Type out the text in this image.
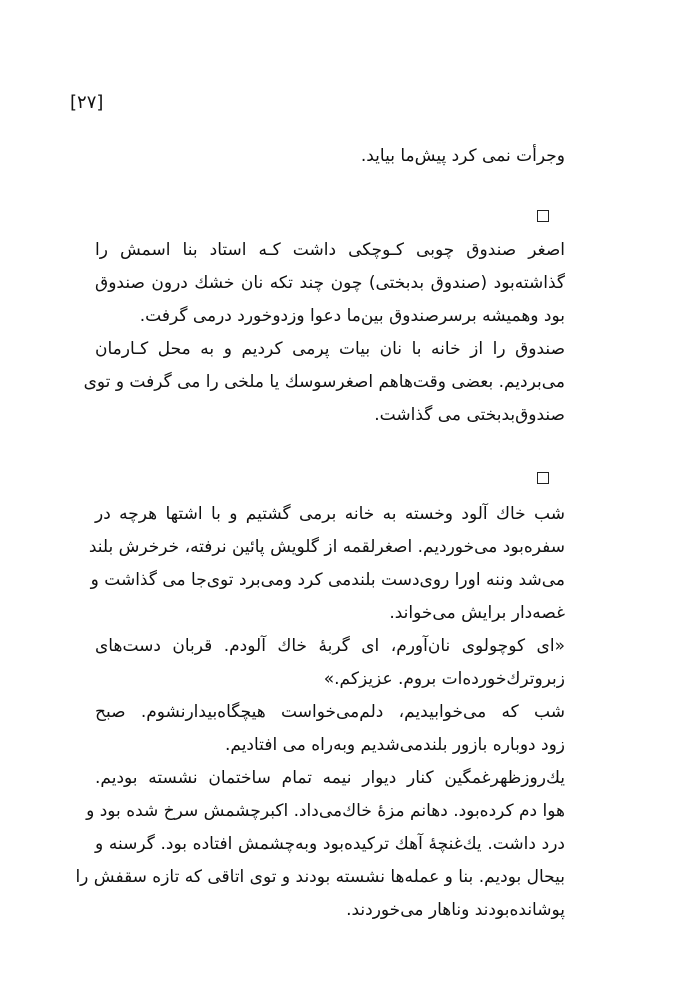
[۲۷]
وجرأت نمی کرد پیش‌ما بیاید.
اصغر صندوق چوبی کـوچکی داشت کـه استاد بنا اسمش را
گذاشته‌بود (صندوق بدبختی) چون چند تکه نان خشك درون صندوق
بود وهمیشه برسرصندوق بین‌ما دعوا وزدوخورد درمی گرفت.
صندوق را از خانه با نان بیات پرمی کردیم و به محل کـارمان
می‌بردیم. بعضی وقت‌هاهم اصغرسوسك یا ملخی را می گرفت و توی
صندوق‌بدبختی می گذاشت.
شب خاك آلود وخسته به خانه برمی گشتیم و با اشتها هرچه در
سفره‌بود می‌خوردیم. اصغرلقمه از گلویش پائین نرفته، خرخرش بلند
می‌شد وننه اورا روی‌دست بلندمی کرد ومی‌برد توی‌جا می گذاشت و
غصه‌دار برایش می‌خواند.
«ای کوچولوی نان‌آورم، ای گربهٔ خاك آلودم. قربان دست‌های
زبروترك‌خورده‌ات بروم. عزیزکم.»
شب که می‌خوابیدیم، دلم‌می‌خواست هیچگاه‌بیدارنشوم. صبح
زود دوباره بازور بلندمی‌شدیم وبه‌راه می افتادیم.
یك‌روزظهرغمگین کنار دیوار نیمه تمام ساختمان نشسته بودیم.
هوا دم کرده‌بود. دهانم مزهٔ خاك‌می‌داد. اکبرچشمش سرخ شده بود و
درد داشت. یك‌غنچهٔ آهك ترکیده‌بود وبه‌چشمش افتاده بود. گرسنه و
بیحال بودیم. بنا و عمله‌ها نشسته بودند و توی اتاقی که تازه سقفش را
پوشانده‌بودند وناهار می‌خوردند.
